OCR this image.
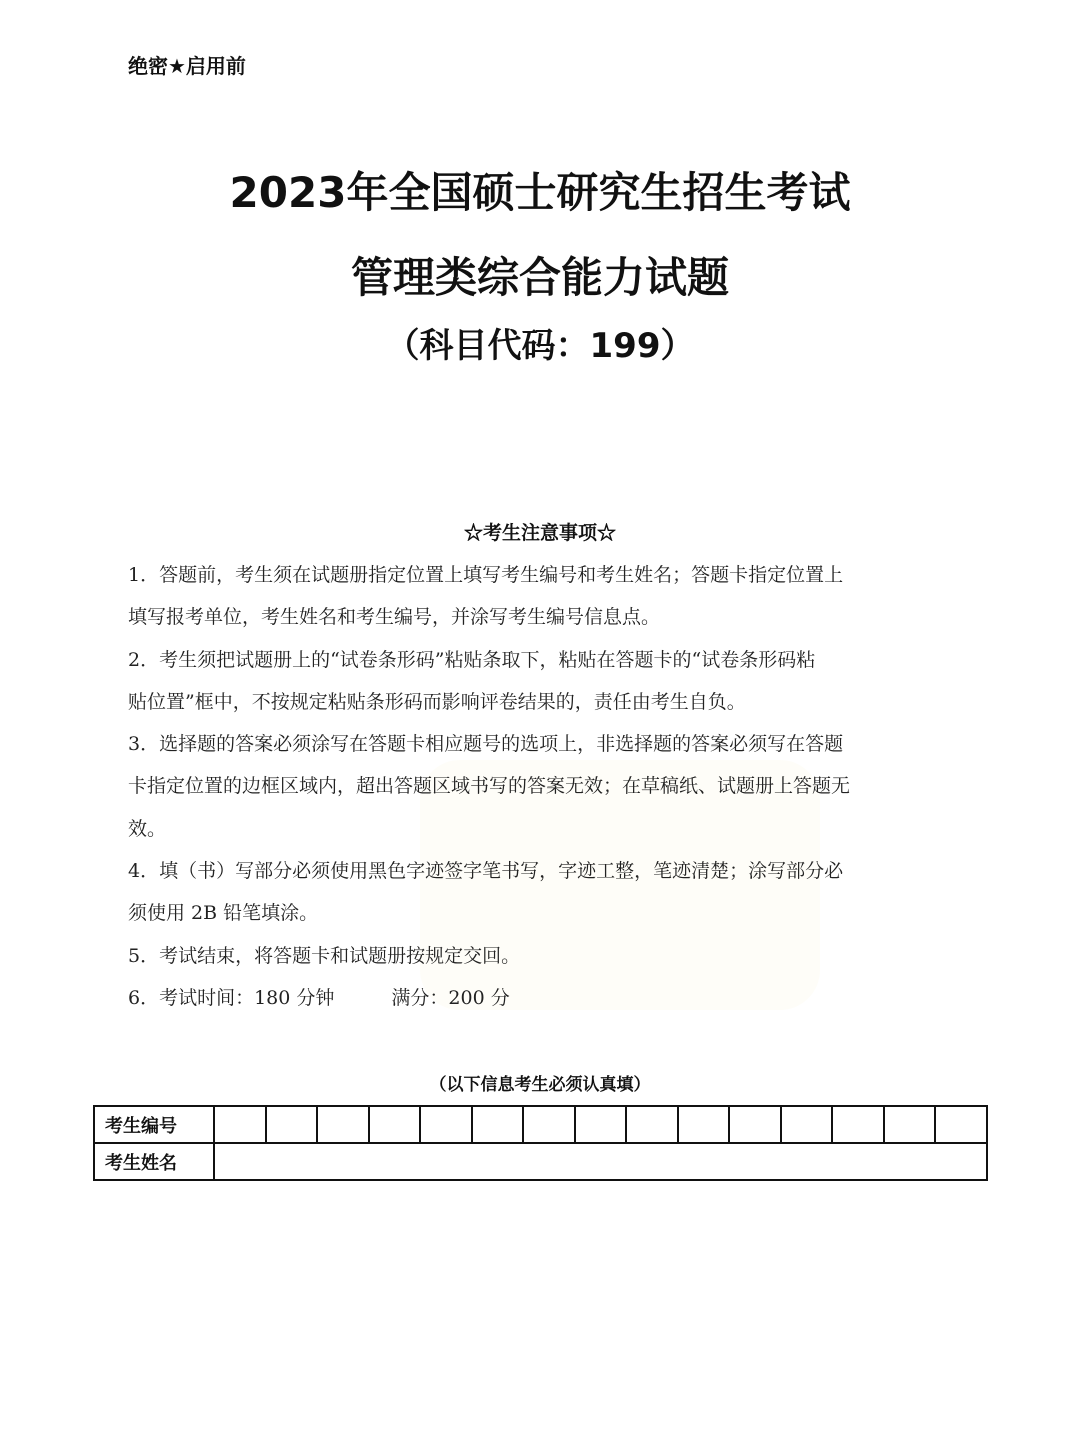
绝密★启用前
2023年全国硕士研究生招生考试
管理类综合能力试题
（科目代码：199）
☆考生注意事项☆
1．答题前，考生须在试题册指定位置上填写考生编号和考生姓名；答题卡指定位置上
填写报考单位，考生姓名和考生编号，并涂写考生编号信息点。
2．考生须把试题册上的“试卷条形码”粘贴条取下，粘贴在答题卡的“试卷条形码粘
贴位置”框中，不按规定粘贴条形码而影响评卷结果的，责任由考生自负。
3．选择题的答案必须涂写在答题卡相应题号的选项上，非选择题的答案必须写在答题
卡指定位置的边框区域内，超出答题区域书写的答案无效；在草稿纸、试题册上答题无
效。
4．填（书）写部分必须使用黑色字迹签字笔书写，字迹工整，笔迹清楚；涂写部分必
须使用 2B 铅笔填涂。
5．考试结束，将答题卡和试题册按规定交回。
6．考试时间：180 分钟　　　满分：200 分
（以下信息考生必须认真填）
考生编号															
考生姓名															
